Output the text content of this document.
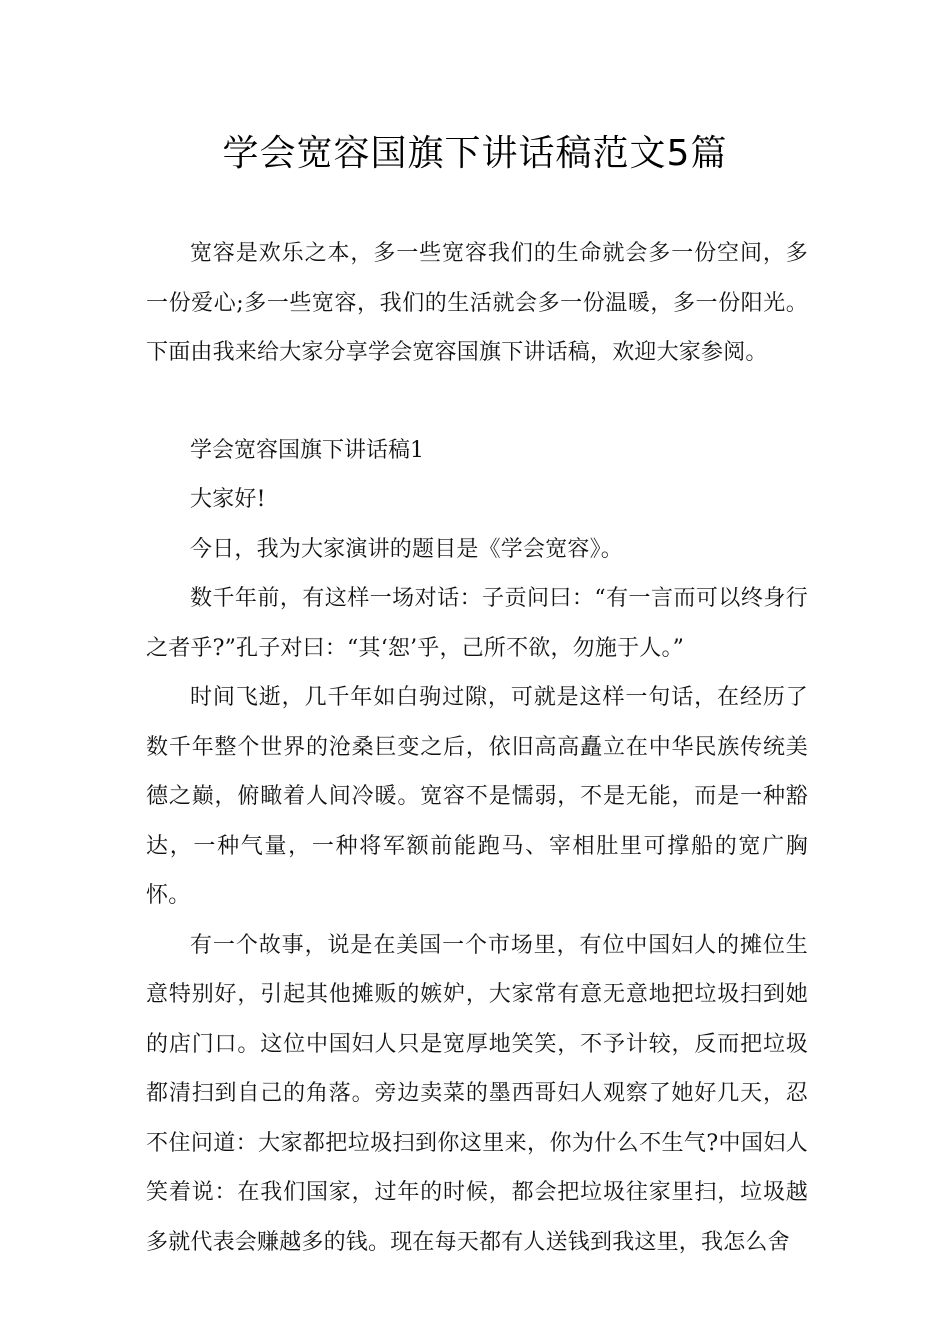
学会宽容国旗下讲话稿范文5篇

宽容是欢乐之本，多一些宽容我们的生命就会多一份空间，多一份爱心;多一些宽容，我们的生活就会多一份温暖，多一份阳光。下面由我来给大家分享学会宽容国旗下讲话稿，欢迎大家参阅。

学会宽容国旗下讲话稿1

大家好!

今日，我为大家演讲的题目是《学会宽容》。

数千年前，有这样一场对话：子贡问曰：“有一言而可以终身行之者乎?”孔子对曰：“其‘恕’乎，己所不欲，勿施于人。”

时间飞逝，几千年如白驹过隙，可就是这样一句话，在经历了数千年整个世界的沧桑巨变之后，依旧高高矗立在中华民族传统美德之巅，俯瞰着人间冷暖。宽容不是懦弱，不是无能，而是一种豁达，一种气量，一种将军额前能跑马、宰相肚里可撑船的宽广胸怀。

有一个故事，说是在美国一个市场里，有位中国妇人的摊位生意特别好，引起其他摊贩的嫉妒，大家常有意无意地把垃圾扫到她的店门口。这位中国妇人只是宽厚地笑笑，不予计较，反而把垃圾都清扫到自己的角落。旁边卖菜的墨西哥妇人观察了她好几天，忍不住问道：大家都把垃圾扫到你这里来，你为什么不生气?中国妇人笑着说：在我们国家，过年的时候，都会把垃圾往家里扫，垃圾越多就代表会赚越多的钱。现在每天都有人送钱到我这里，我怎么舍
